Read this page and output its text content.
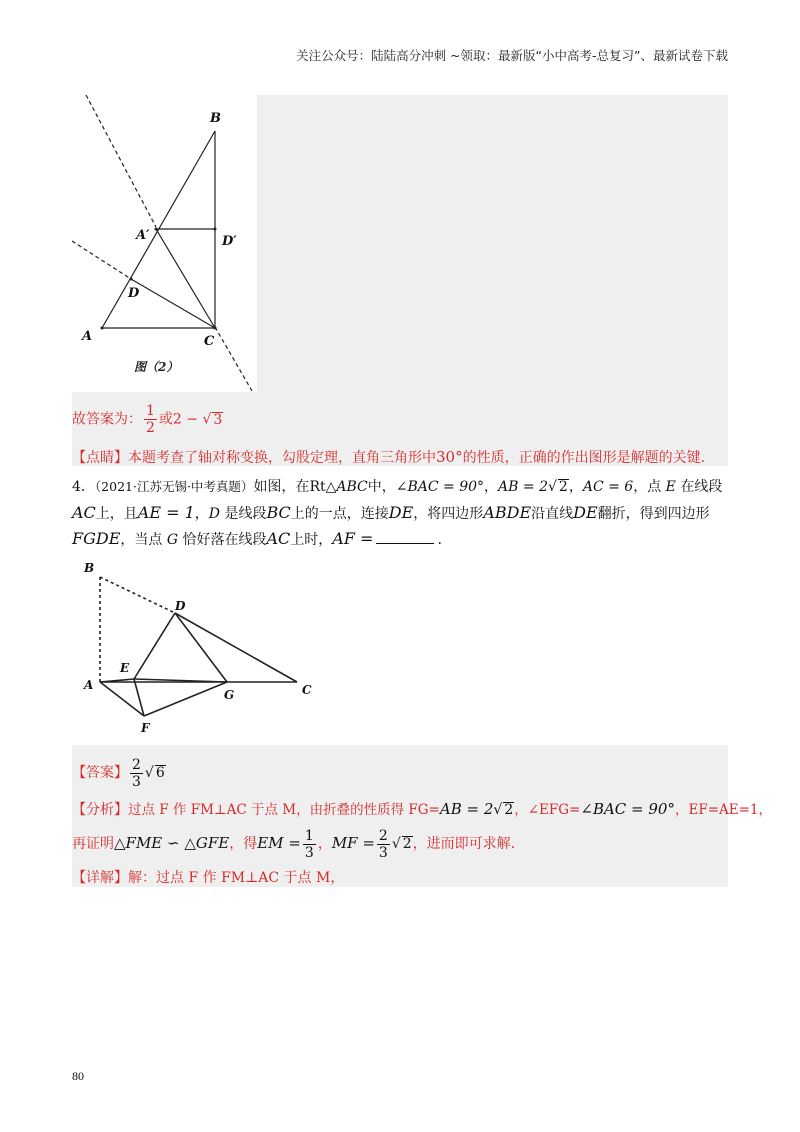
关注公众号：陆陆高分冲刺 ~领取：最新版“小中高考-总复习”、最新试卷下载
B
A′	D′
D
A	C
图（2）
故答案为： $\frac{1}{2}$ 或2 − √ 3
【点睛】本题考查了轴对称变换，勾股定理，直角三角形中30°的性质，正确的作出图形是解题的关键.
4．（2021·江苏无锡·中考真题）如图，在Rt△ABC中，∠BAC = 90°，AB = 2√ 2，AC = 6，点 E 在线段
AC上，且AE = 1，D 是线段BC上的一点，连接DE，将四边形ABDE沿直线DE翻折，得到四边形
FGDE，当点 G 恰好落在线段AC上时，AF =	.
B
D
E
A
G	C
F
【答案】 $\frac{2}{3}$ √ 6
【分析】过点 F 作 FM⊥AC 于点 M，由折叠的性质得 FG=AB = 2√ 2，∠EFG=∠BAC = 90°，EF=AE=1，
再证明△FME ∽ △GFE，得EM = $\frac{1}{3}$ ，MF = $\frac{2}{3}$ √ 2，进而即可求解.
【详解】解：过点 F 作 FM⊥AC 于点 M，
80
